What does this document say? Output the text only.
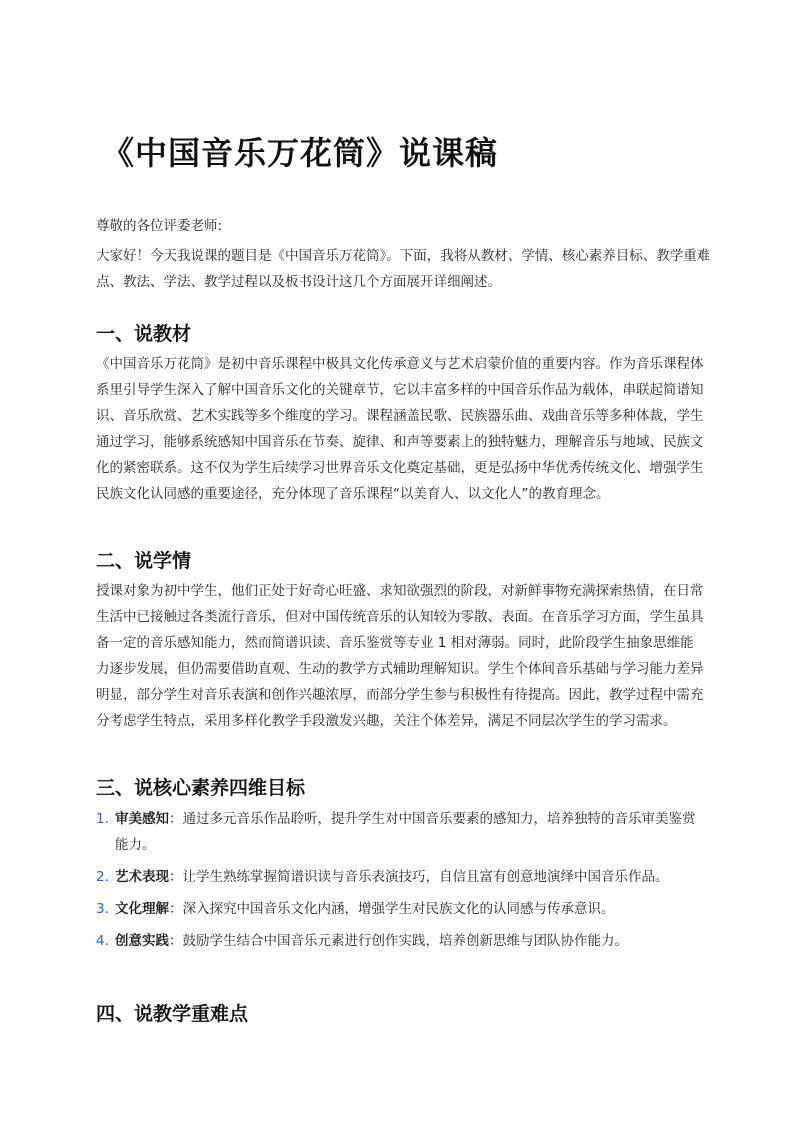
《中国音乐万花筒》说课稿

尊敬的各位评委老师:

大家好！今天我说课的题目是《中国音乐万花筒》。下面，我将从教材、学情、核心素养目标、教学重难点、教法、学法、教学过程以及板书设计这几个方面展开详细阐述。

一、说教材

《中国音乐万花筒》是初中音乐课程中极具文化传承意义与艺术启蒙价值的重要内容。作为音乐课程体系里引导学生深入了解中国音乐文化的关键章节，它以丰富多样的中国音乐作品为载体，串联起简谱知识、音乐欣赏、艺术实践等多个维度的学习。课程涵盖民歌、民族器乐曲、戏曲音乐等多种体裁，学生通过学习，能够系统感知中国音乐在节奏、旋律、和声等要素上的独特魅力，理解音乐与地域、民族文化的紧密联系。这不仅为学生后续学习世界音乐文化奠定基础，更是弘扬中华优秀传统文化、增强学生民族文化认同感的重要途径，充分体现了音乐课程“以美育人、以文化人”的教育理念。

二、说学情

授课对象为初中学生，他们正处于好奇心旺盛、求知欲强烈的阶段，对新鲜事物充满探索热情，在日常生活中已接触过各类流行音乐，但对中国传统音乐的认知较为零散、表面。在音乐学习方面，学生虽具备一定的音乐感知能力，然而简谱识读、音乐鉴赏等专业 1 相对薄弱。同时，此阶段学生抽象思维能力逐步发展，但仍需要借助直观、生动的教学方式辅助理解知识。学生个体间音乐基础与学习能力差异明显，部分学生对音乐表演和创作兴趣浓厚，而部分学生参与积极性有待提高。因此，教学过程中需充分考虑学生特点，采用多样化教学手段激发兴趣，关注个体差异，满足不同层次学生的学习需求。

三、说核心素养四维目标
1. 审美感知：通过多元音乐作品聆听，提升学生对中国音乐要素的感知力，培养独特的音乐审美鉴赏能力。
2. 艺术表现：让学生熟练掌握简谱识读与音乐表演技巧，自信且富有创意地演绎中国音乐作品。
3. 文化理解：深入探究中国音乐文化内涵，增强学生对民族文化的认同感与传承意识。
4. 创意实践：鼓励学生结合中国音乐元素进行创作实践，培养创新思维与团队协作能力。
四、说教学重难点
